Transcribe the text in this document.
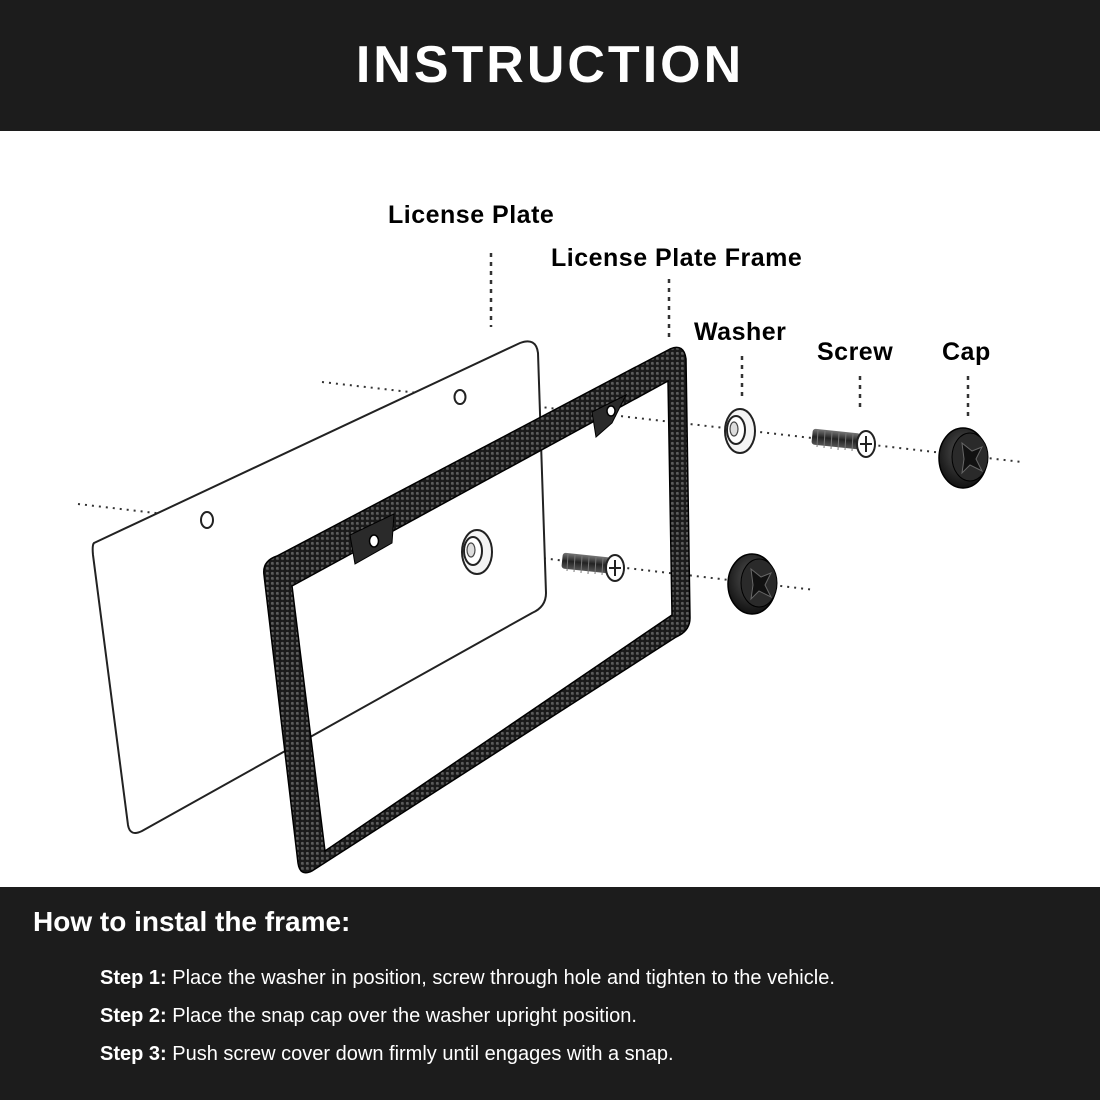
INSTRUCTION
License Plate
License Plate Frame
Washer
Screw Cap
How to instal the frame:
Step 1: Place the washer in position, screw through hole and tighten to the vehicle.
Step 2: Place the snap cap over the washer upright position.
Step 3: Push screw cover down firmly until engages with a snap.
